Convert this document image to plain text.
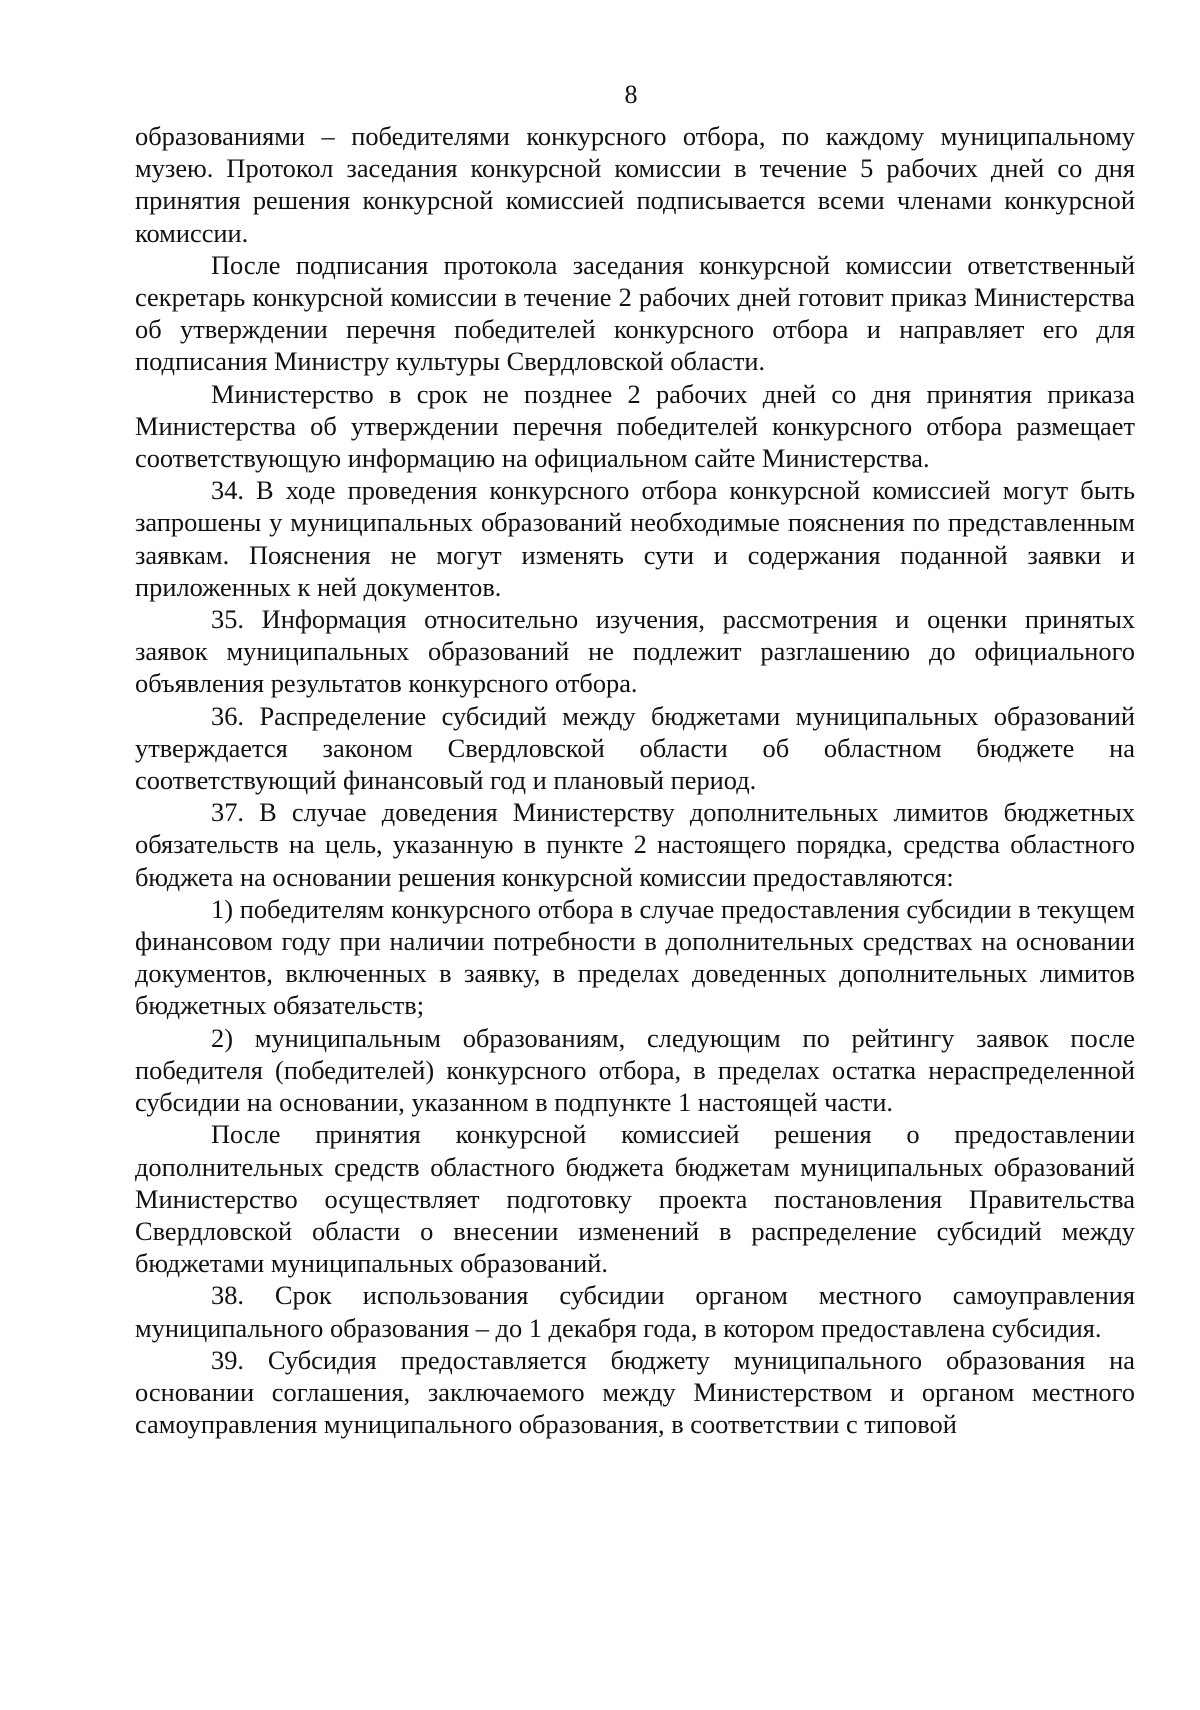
8

образованиями – победителями конкурсного отбора, по каждому муниципальному музею. Протокол заседания конкурсной комиссии в течение 5 рабочих дней со дня принятия решения конкурсной комиссией подписывается всеми членами конкурсной комиссии.

После подписания протокола заседания конкурсной комиссии ответственный секретарь конкурсной комиссии в течение 2 рабочих дней готовит приказ Министерства об утверждении перечня победителей конкурсного отбора и направляет его для подписания Министру культуры Свердловской области.

Министерство в срок не позднее 2 рабочих дней со дня принятия приказа Министерства об утверждении перечня победителей конкурсного отбора размещает соответствующую информацию на официальном сайте Министерства.

34. В ходе проведения конкурсного отбора конкурсной комиссией могут быть запрошены у муниципальных образований необходимые пояснения по представленным заявкам. Пояснения не могут изменять сути и содержания поданной заявки и приложенных к ней документов.

35. Информация относительно изучения, рассмотрения и оценки принятых заявок муниципальных образований не подлежит разглашению до официального объявления результатов конкурсного отбора.

36. Распределение субсидий между бюджетами муниципальных образований утверждается законом Свердловской области об областном бюджете на соответствующий финансовый год и плановый период.

37. В случае доведения Министерству дополнительных лимитов бюджетных обязательств на цель, указанную в пункте 2 настоящего порядка, средства областного бюджета на основании решения конкурсной комиссии предоставляются:

1) победителям конкурсного отбора в случае предоставления субсидии в текущем финансовом году при наличии потребности в дополнительных средствах на основании документов, включенных в заявку, в пределах доведенных дополнительных лимитов бюджетных обязательств;

2) муниципальным образованиям, следующим по рейтингу заявок после победителя (победителей) конкурсного отбора, в пределах остатка нераспределенной субсидии на основании, указанном в подпункте 1 настоящей части.

После принятия конкурсной комиссией решения о предоставлении дополнительных средств областного бюджета бюджетам муниципальных образований Министерство осуществляет подготовку проекта постановления Правительства Свердловской области о внесении изменений в распределение субсидий между бюджетами муниципальных образований.

38. Срок использования субсидии органом местного самоуправления муниципального образования – до 1 декабря года, в котором предоставлена субсидия.

39. Субсидия предоставляется бюджету муниципального образования на основании соглашения, заключаемого между Министерством и органом местного самоуправления муниципального образования, в соответствии с типовой
